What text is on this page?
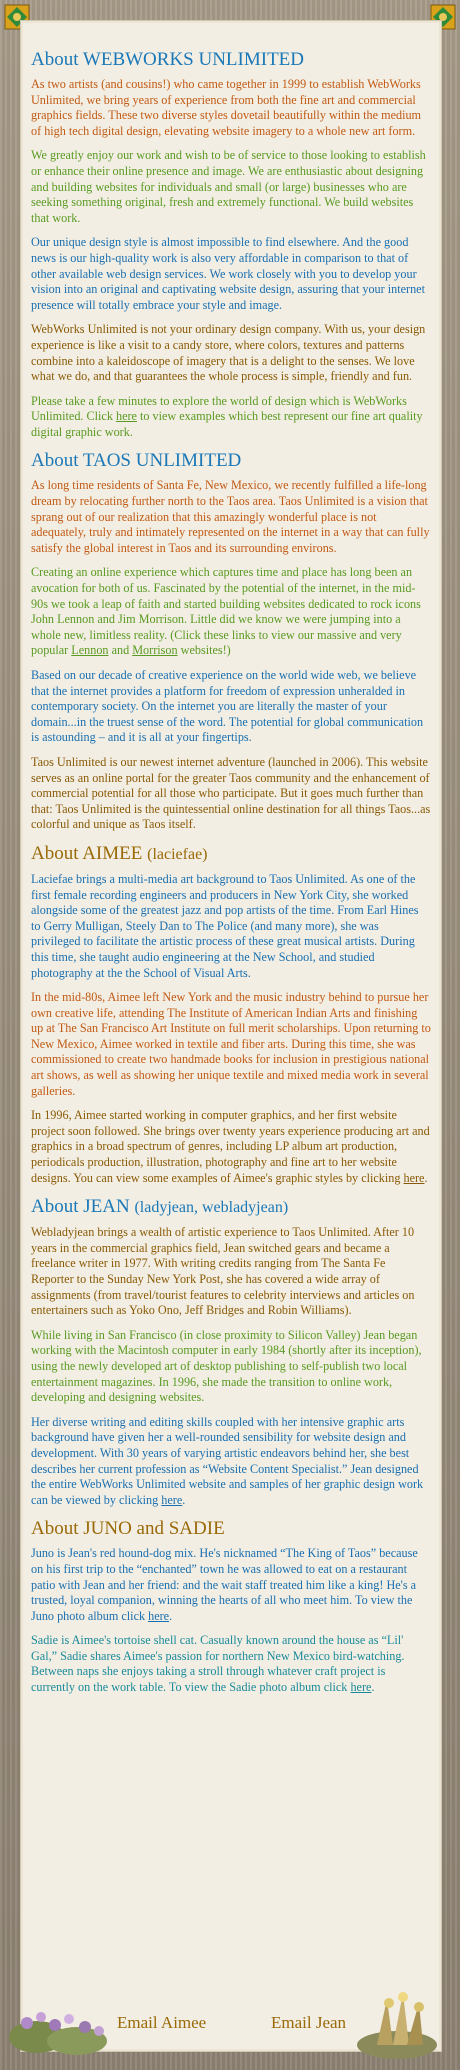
About WEBWORKS UNLIMITED

As two artists (and cousins!) who came together in 1999 to establish WebWorks Unlimited, we bring years of experience from both the fine art and commercial graphics fields. These two diverse styles dovetail beautifully within the medium of high tech digital design, elevating website imagery to a whole new art form.

We greatly enjoy our work and wish to be of service to those looking to establish or enhance their online presence and image. We are enthusiastic about designing and building websites for individuals and small (or large) businesses who are seeking something original, fresh and extremely functional. We build websites that work.

Our unique design style is almost impossible to find elsewhere. And the good news is our high-quality work is also very affordable in comparison to that of other available web design services. We work closely with you to develop your vision into an original and captivating website design, assuring that your internet presence will totally embrace your style and image.

WebWorks Unlimited is not your ordinary design company. With us, your design experience is like a visit to a candy store, where colors, textures and patterns combine into a kaleidoscope of imagery that is a delight to the senses. We love what we do, and that guarantees the whole process is simple, friendly and fun.

Please take a few minutes to explore the world of design which is WebWorks Unlimited. Click here to view examples which best represent our fine art quality digital graphic work.

About TAOS UNLIMITED

As long time residents of Santa Fe, New Mexico, we recently fulfilled a life-long dream by relocating further north to the Taos area. Taos Unlimited is a vision that sprang out of our realization that this amazingly wonderful place is not adequately, truly and intimately represented on the internet in a way that can fully satisfy the global interest in Taos and its surrounding environs.

Creating an online experience which captures time and place has long been an avocation for both of us. Fascinated by the potential of the internet, in the mid-90s we took a leap of faith and started building websites dedicated to rock icons John Lennon and Jim Morrison. Little did we know we were jumping into a whole new, limitless reality. (Click these links to view our massive and very popular Lennon and Morrison websites!)

Based on our decade of creative experience on the world wide web, we believe that the internet provides a platform for freedom of expression unheralded in contemporary society. On the internet you are literally the master of your domain...in the truest sense of the word. The potential for global communication is astounding – and it is all at your fingertips.

Taos Unlimited is our newest internet adventure (launched in 2006). This website serves as an online portal for the greater Taos community and the enhancement of commercial potential for all those who participate. But it goes much further than that: Taos Unlimited is the quintessential online destination for all things Taos...as colorful and unique as Taos itself.

About AIMEE (laciefae)

Laciefae brings a multi-media art background to Taos Unlimited. As one of the first female recording engineers and producers in New York City, she worked alongside some of the greatest jazz and pop artists of the time. From Earl Hines to Gerry Mulligan, Steely Dan to The Police (and many more), she was privileged to facilitate the artistic process of these great musical artists. During this time, she taught audio engineering at the New School, and studied photography at the the School of Visual Arts.

In the mid-80s, Aimee left New York and the music industry behind to pursue her own creative life, attending The Institute of American Indian Arts and finishing up at The San Francisco Art Institute on full merit scholarships. Upon returning to New Mexico, Aimee worked in textile and fiber arts. During this time, she was commissioned to create two handmade books for inclusion in prestigious national art shows, as well as showing her unique textile and mixed media work in several galleries.

In 1996, Aimee started working in computer graphics, and her first website project soon followed. She brings over twenty years experience producing art and graphics in a broad spectrum of genres, including LP album art production, periodicals production, illustration, photography and fine art to her website designs. You can view some examples of Aimee's graphic styles by clicking here.

About JEAN (ladyjean, webladyjean)

Webladyjean brings a wealth of artistic experience to Taos Unlimited. After 10 years in the commercial graphics field, Jean switched gears and became a freelance writer in 1977. With writing credits ranging from The Santa Fe Reporter to the Sunday New York Post, she has covered a wide array of assignments (from travel/tourist features to celebrity interviews and articles on entertainers such as Yoko Ono, Jeff Bridges and Robin Williams).

While living in San Francisco (in close proximity to Silicon Valley) Jean began working with the Macintosh computer in early 1984 (shortly after its inception), using the newly developed art of desktop publishing to self-publish two local entertainment magazines. In 1996, she made the transition to online work, developing and designing websites.

Her diverse writing and editing skills coupled with her intensive graphic arts background have given her a well-rounded sensibility for website design and development. With 30 years of varying artistic endeavors behind her, she best describes her current profession as “Website Content Specialist.” Jean designed the entire WebWorks Unlimited website and samples of her graphic design work can be viewed by clicking here.

About JUNO and SADIE

Juno is Jean's red hound-dog mix. He's nicknamed “The King of Taos” because on his first trip to the “enchanted” town he was allowed to eat on a restaurant patio with Jean and her friend: and the wait staff treated him like a king! He's a trusted, loyal companion, winning the hearts of all who meet him. To view the Juno photo album click here.

Sadie is Aimee's tortoise shell cat. Casually known around the house as “Lil' Gal,” Sadie shares Aimee's passion for northern New Mexico bird-watching. Between naps she enjoys taking a stroll through whatever craft project is currently on the work table. To view the Sadie photo album click here.

Email Aimee	Email Jean
